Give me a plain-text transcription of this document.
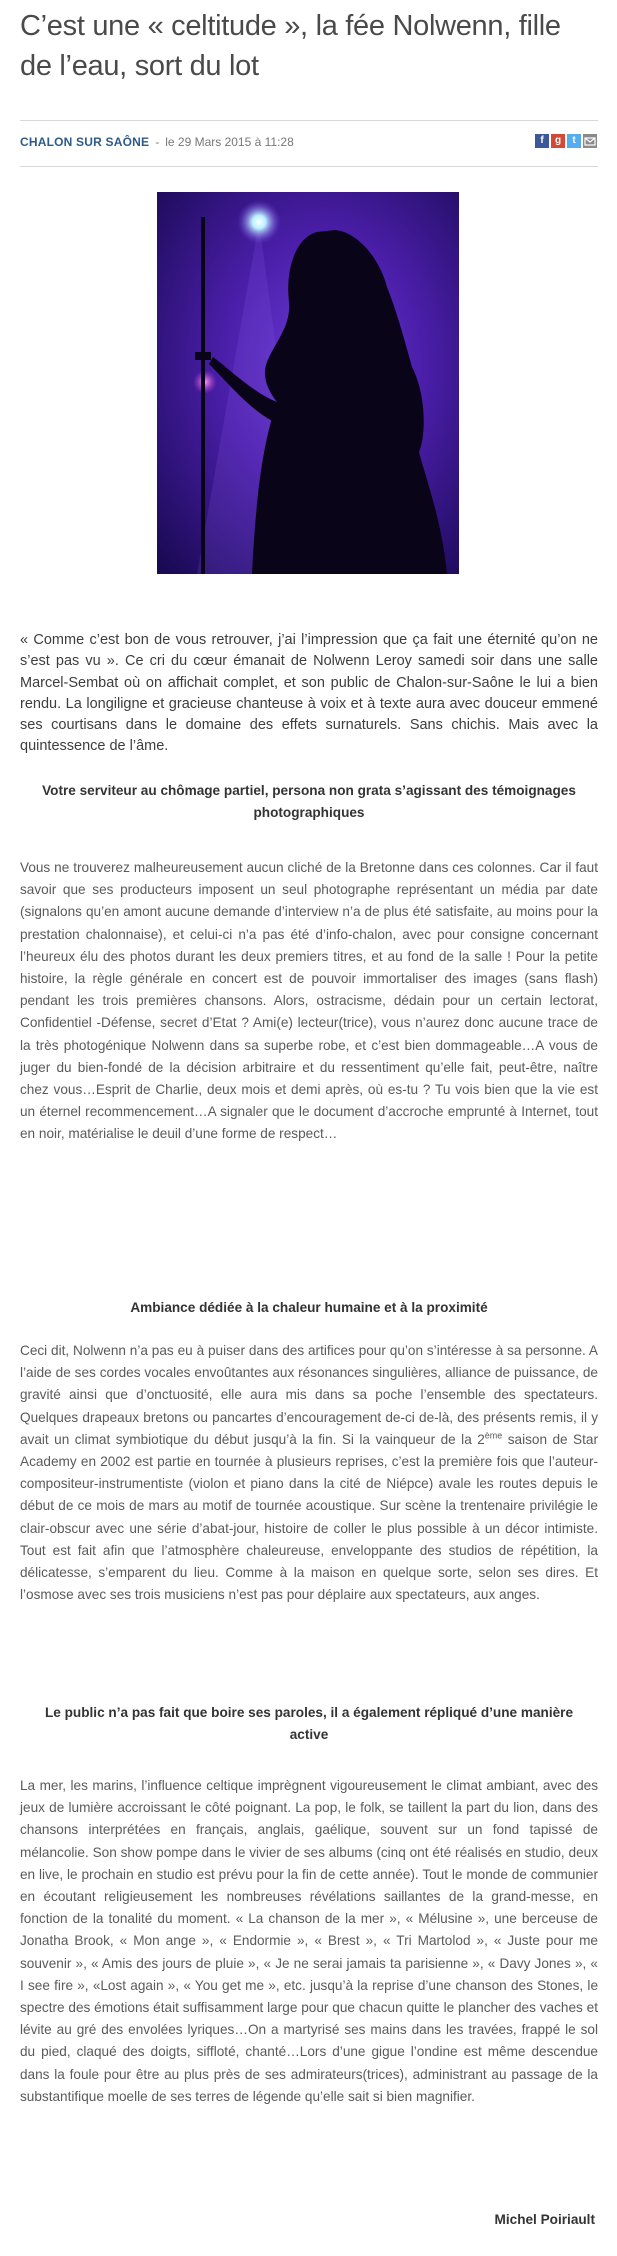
C’est une « celtitude », la fée Nolwenn, fille de l’eau, sort du lot
CHALON SUR SAÔNE - le 29 Mars 2015 à 11:28	f	g	t
« Comme c’est bon de vous retrouver, j’ai l’impression que ça fait une éternité qu’on ne s’est pas vu ». Ce cri du cœur émanait de Nolwenn Leroy samedi soir dans une salle Marcel-Sembat où on affichait complet, et son public de Chalon-sur-Saône le lui a bien rendu. La longiligne et gracieuse chanteuse à voix et à texte aura avec douceur emmené ses courtisans dans le domaine des effets surnaturels. Sans chichis. Mais avec la quintessence de l’âme.
Votre serviteur au chômage partiel, persona non grata s’agissant des témoignages photographiques
Vous ne trouverez malheureusement aucun cliché de la Bretonne dans ces colonnes. Car il faut savoir que ses producteurs imposent un seul photographe représentant un média par date (signalons qu’en amont aucune demande d’interview n’a de plus été satisfaite, au moins pour la prestation chalonnaise), et celui-ci n’a pas été d’info-chalon, avec pour consigne concernant l’heureux élu des photos durant les deux premiers titres, et au fond de la salle ! Pour la petite histoire, la règle générale en concert est de pouvoir immortaliser des images (sans flash) pendant les trois premières chansons. Alors, ostracisme, dédain pour un certain lectorat, Confidentiel -Défense, secret d’Etat ? Ami(e) lecteur(trice), vous n’aurez donc aucune trace de la très photogénique Nolwenn dans sa superbe robe, et c’est bien dommageable…A vous de juger du bien-fondé de la décision arbitraire et du ressentiment qu’elle fait, peut-être, naître chez vous…Esprit de Charlie, deux mois et demi après, où es-tu ? Tu vois bien que la vie est un éternel recommencement…A signaler que le document d’accroche emprunté à Internet, tout en noir, matérialise le deuil d’une forme de respect…
Ambiance dédiée à la chaleur humaine et à la proximité
Ceci dit, Nolwenn n’a pas eu à puiser dans des artifices pour qu’on s’intéresse à sa personne. A l’aide de ses cordes vocales envoûtantes aux résonances singulières, alliance de puissance, de gravité ainsi que d’onctuosité, elle aura mis dans sa poche l’ensemble des spectateurs. Quelques drapeaux bretons ou pancartes d’encouragement de-ci de-là, des présents remis, il y avait un climat symbiotique du début jusqu’à la fin. Si la vainqueur de la 2ème saison de Star Academy en 2002 est partie en tournée à plusieurs reprises, c’est la première fois que l’auteur-compositeur-instrumentiste (violon et piano dans la cité de Niépce) avale les routes depuis le début de ce mois de mars au motif de tournée acoustique. Sur scène la trentenaire privilégie le clair-obscur avec une série d’abat-jour, histoire de coller le plus possible à un décor intimiste. Tout est fait afin que l’atmosphère chaleureuse, enveloppante des studios de répétition, la délicatesse, s’emparent du lieu. Comme à la maison en quelque sorte, selon ses dires. Et l’osmose avec ses trois musiciens n’est pas pour déplaire aux spectateurs, aux anges.
Le public n’a pas fait que boire ses paroles, il a également répliqué d’une manière active
La mer, les marins, l’influence celtique imprègnent vigoureusement le climat ambiant, avec des jeux de lumière accroissant le côté poignant. La pop, le folk, se taillent la part du lion, dans des chansons interprétées en français, anglais, gaélique, souvent sur un fond tapissé de mélancolie. Son show pompe dans le vivier de ses albums (cinq ont été réalisés en studio, deux en live, le prochain en studio est prévu pour la fin de cette année). Tout le monde de communier en écoutant religieusement les nombreuses révélations saillantes de la grand-messe, en fonction de la tonalité du moment. « La chanson de la mer », « Mélusine », une berceuse de Jonatha Brook, « Mon ange », « Endormie », « Brest », « Tri Martolod », « Juste pour me souvenir », « Amis des jours de pluie », « Je ne serai jamais ta parisienne », « Davy Jones », « I see fire », «Lost again », « You get me », etc. jusqu’à la reprise d’une chanson des Stones, le spectre des émotions était suffisamment large pour que chacun quitte le plancher des vaches et lévite au gré des envolées lyriques…On a martyrisé ses mains dans les travées, frappé le sol du pied, claqué des doigts, siffloté, chanté…Lors d’une gigue l’ondine est même descendue dans la foule pour être au plus près de ses admirateurs(trices), administrant au passage de la substantifique moelle de ses terres de légende qu’elle sait si bien magnifier.
Michel Poiriault
